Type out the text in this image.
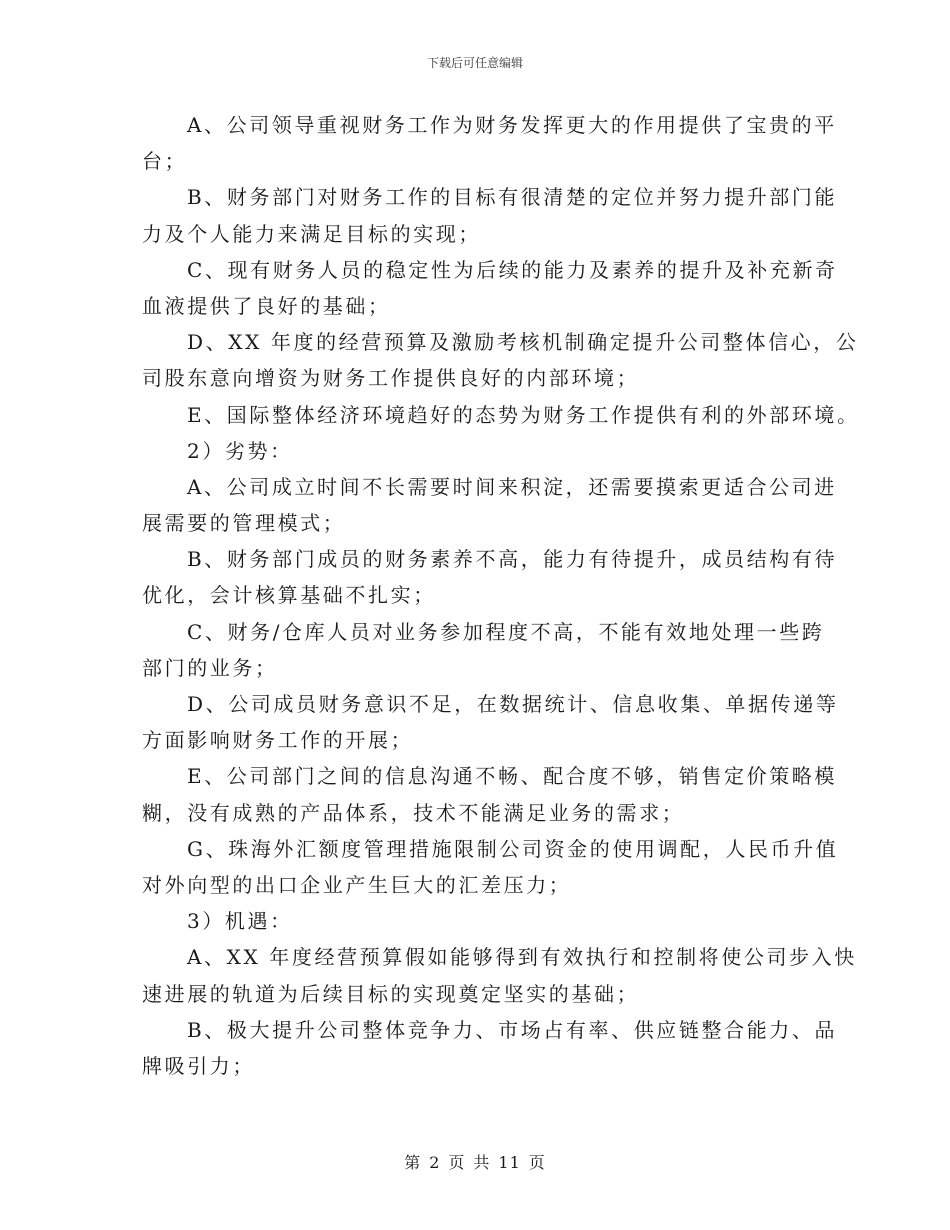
下载后可任意编辑
A、公司领导重视财务工作为财务发挥更大的作用提供了宝贵的平
台；
B、财务部门对财务工作的目标有很清楚的定位并努力提升部门能
力及个人能力来满足目标的实现；
C、现有财务人员的稳定性为后续的能力及素养的提升及补充新奇
血液提供了良好的基础；
D、XX 年度的经营预算及激励考核机制确定提升公司整体信心，公
司股东意向增资为财务工作提供良好的内部环境；
E、国际整体经济环境趋好的态势为财务工作提供有利的外部环境。
2）劣势：
A、公司成立时间不长需要时间来积淀，还需要摸索更适合公司进
展需要的管理模式；
B、财务部门成员的财务素养不高，能力有待提升，成员结构有待
优化，会计核算基础不扎实；
C、财务/仓库人员对业务参加程度不高，不能有效地处理一些跨
部门的业务；
D、公司成员财务意识不足，在数据统计、信息收集、单据传递等
方面影响财务工作的开展；
E、公司部门之间的信息沟通不畅、配合度不够，销售定价策略模
糊，没有成熟的产品体系，技术不能满足业务的需求；
G、珠海外汇额度管理措施限制公司资金的使用调配，人民币升值
对外向型的出口企业产生巨大的汇差压力；
3）机遇：
A、XX 年度经营预算假如能够得到有效执行和控制将使公司步入快
速进展的轨道为后续目标的实现奠定坚实的基础；
B、极大提升公司整体竞争力、市场占有率、供应链整合能力、品
牌吸引力；
第 2 页 共 11 页
